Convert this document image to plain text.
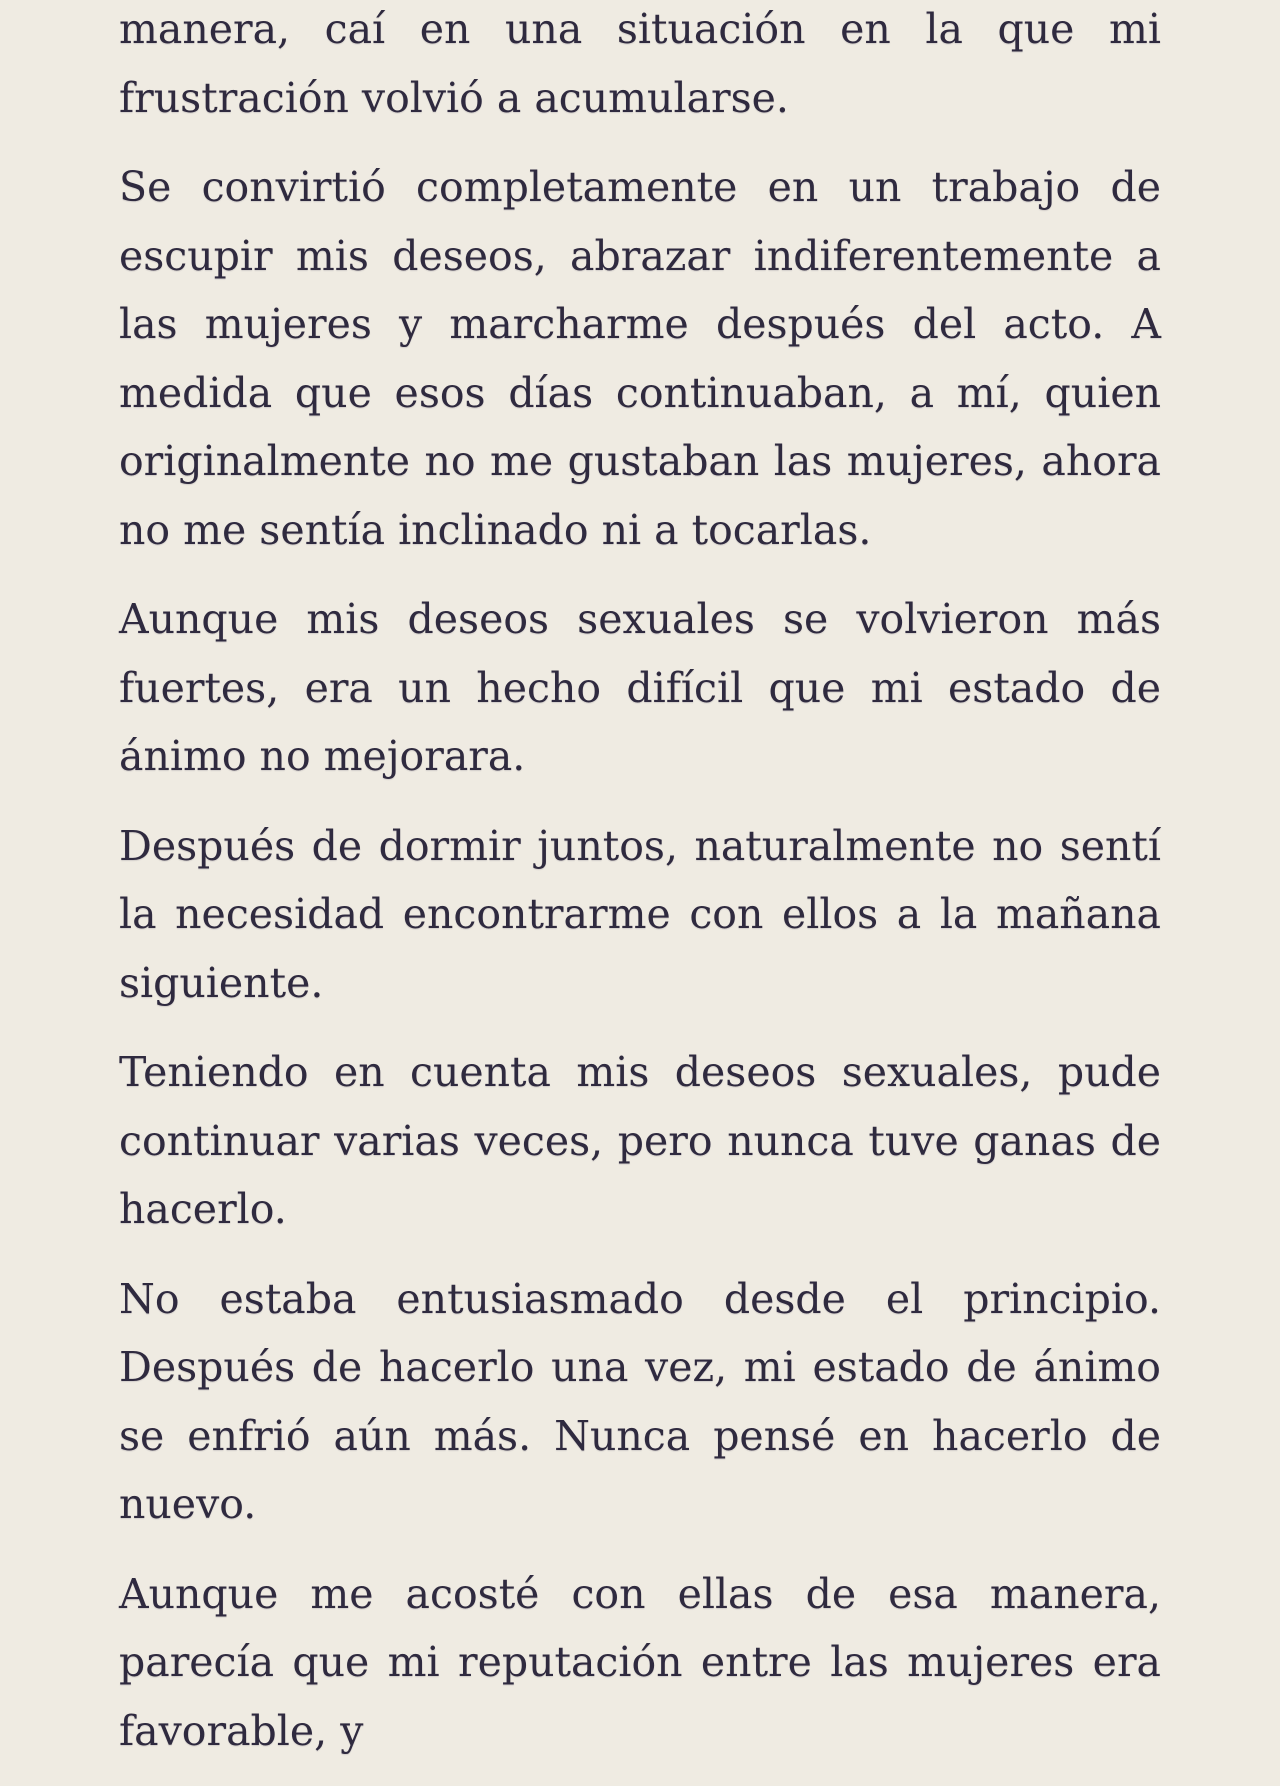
manera, caí en una situación en la que mi frustración volvió a acumularse.

Se convirtió completamente en un trabajo de escupir mis deseos, abrazar indiferentemente a las mujeres y marcharme después del acto. A medida que esos días continuaban, a mí, quien originalmente no me gustaban las mujeres, ahora no me sentía inclinado ni a tocarlas.

Aunque mis deseos sexuales se volvieron más fuertes, era un hecho difícil que mi estado de ánimo no mejorara.

Después de dormir juntos, naturalmente no sentí la necesidad encontrarme con ellos a la mañana siguiente.

Teniendo en cuenta mis deseos sexuales, pude continuar varias veces, pero nunca tuve ganas de hacerlo.

No estaba entusiasmado desde el principio. Después de hacerlo una vez, mi estado de ánimo se enfrió aún más. Nunca pensé en hacerlo de nuevo.

Aunque me acosté con ellas de esa manera, parecía que mi reputación entre las mujeres era favorable, y
